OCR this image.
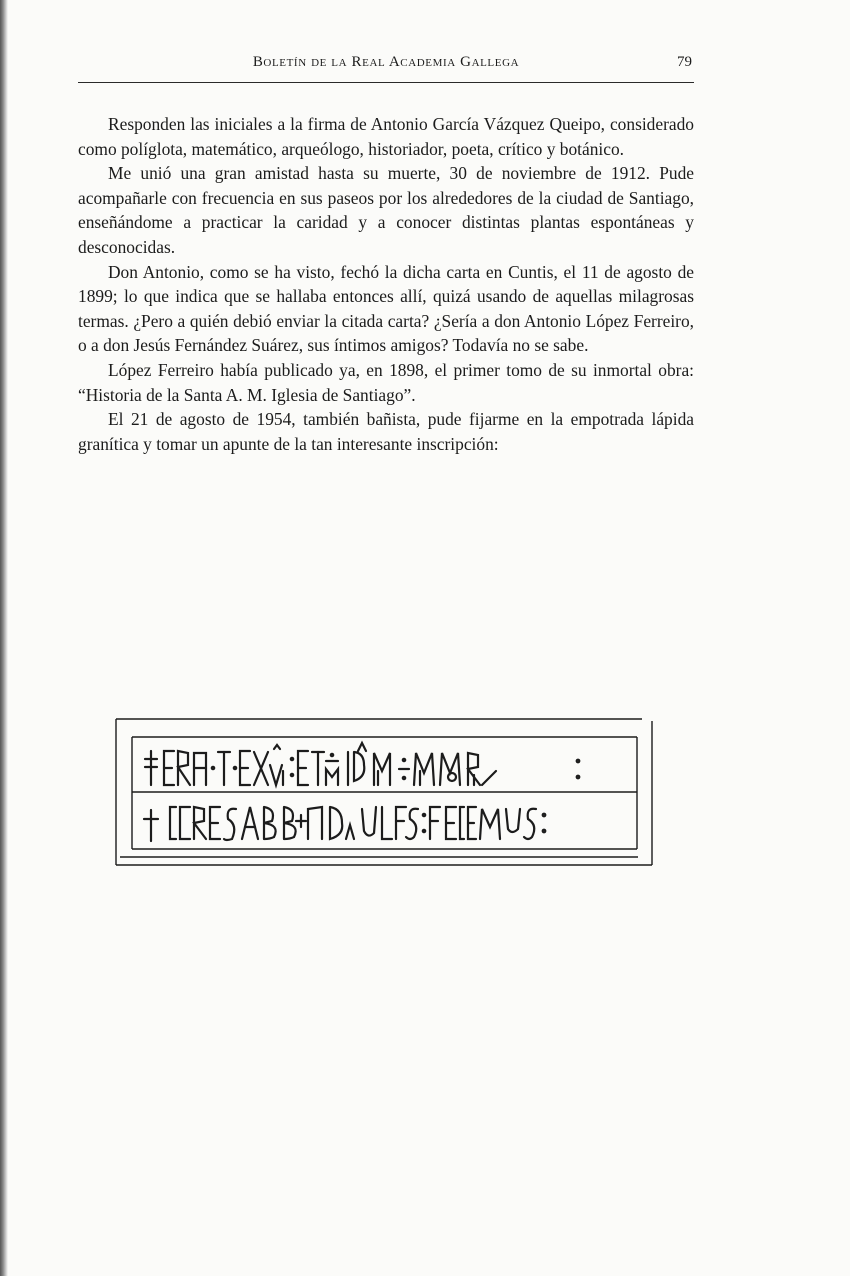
Boletín de la Real Academia Gallega	79

Responden las iniciales a la firma de Antonio García Vázquez Queipo, considerado como políglota, matemático, arqueólogo, historiador, poeta, crítico y botánico.

Me unió una gran amistad hasta su muerte, 30 de noviembre de 1912. Pude acompañarle con frecuencia en sus paseos por los alrededores de la ciudad de Santiago, enseñándome a practicar la caridad y a conocer distintas plantas espontáneas y desconocidas.

Don Antonio, como se ha visto, fechó la dicha carta en Cuntis, el 11 de agosto de 1899; lo que indica que se hallaba entonces allí, quizá usando de aquellas milagrosas termas. ¿Pero a quién debió enviar la citada carta? ¿Sería a don Antonio López Ferreiro, o a don Jesús Fernández Suárez, sus íntimos amigos? Todavía no se sabe.

López Ferreiro había publicado ya, en 1898, el primer tomo de su inmortal obra: “Historia de la Santa A. M. Iglesia de Santiago”.

El 21 de agosto de 1954, también bañista, pude fijarme en la empotrada lápida granítica y tomar un apunte de la tan interesante inscripción:
